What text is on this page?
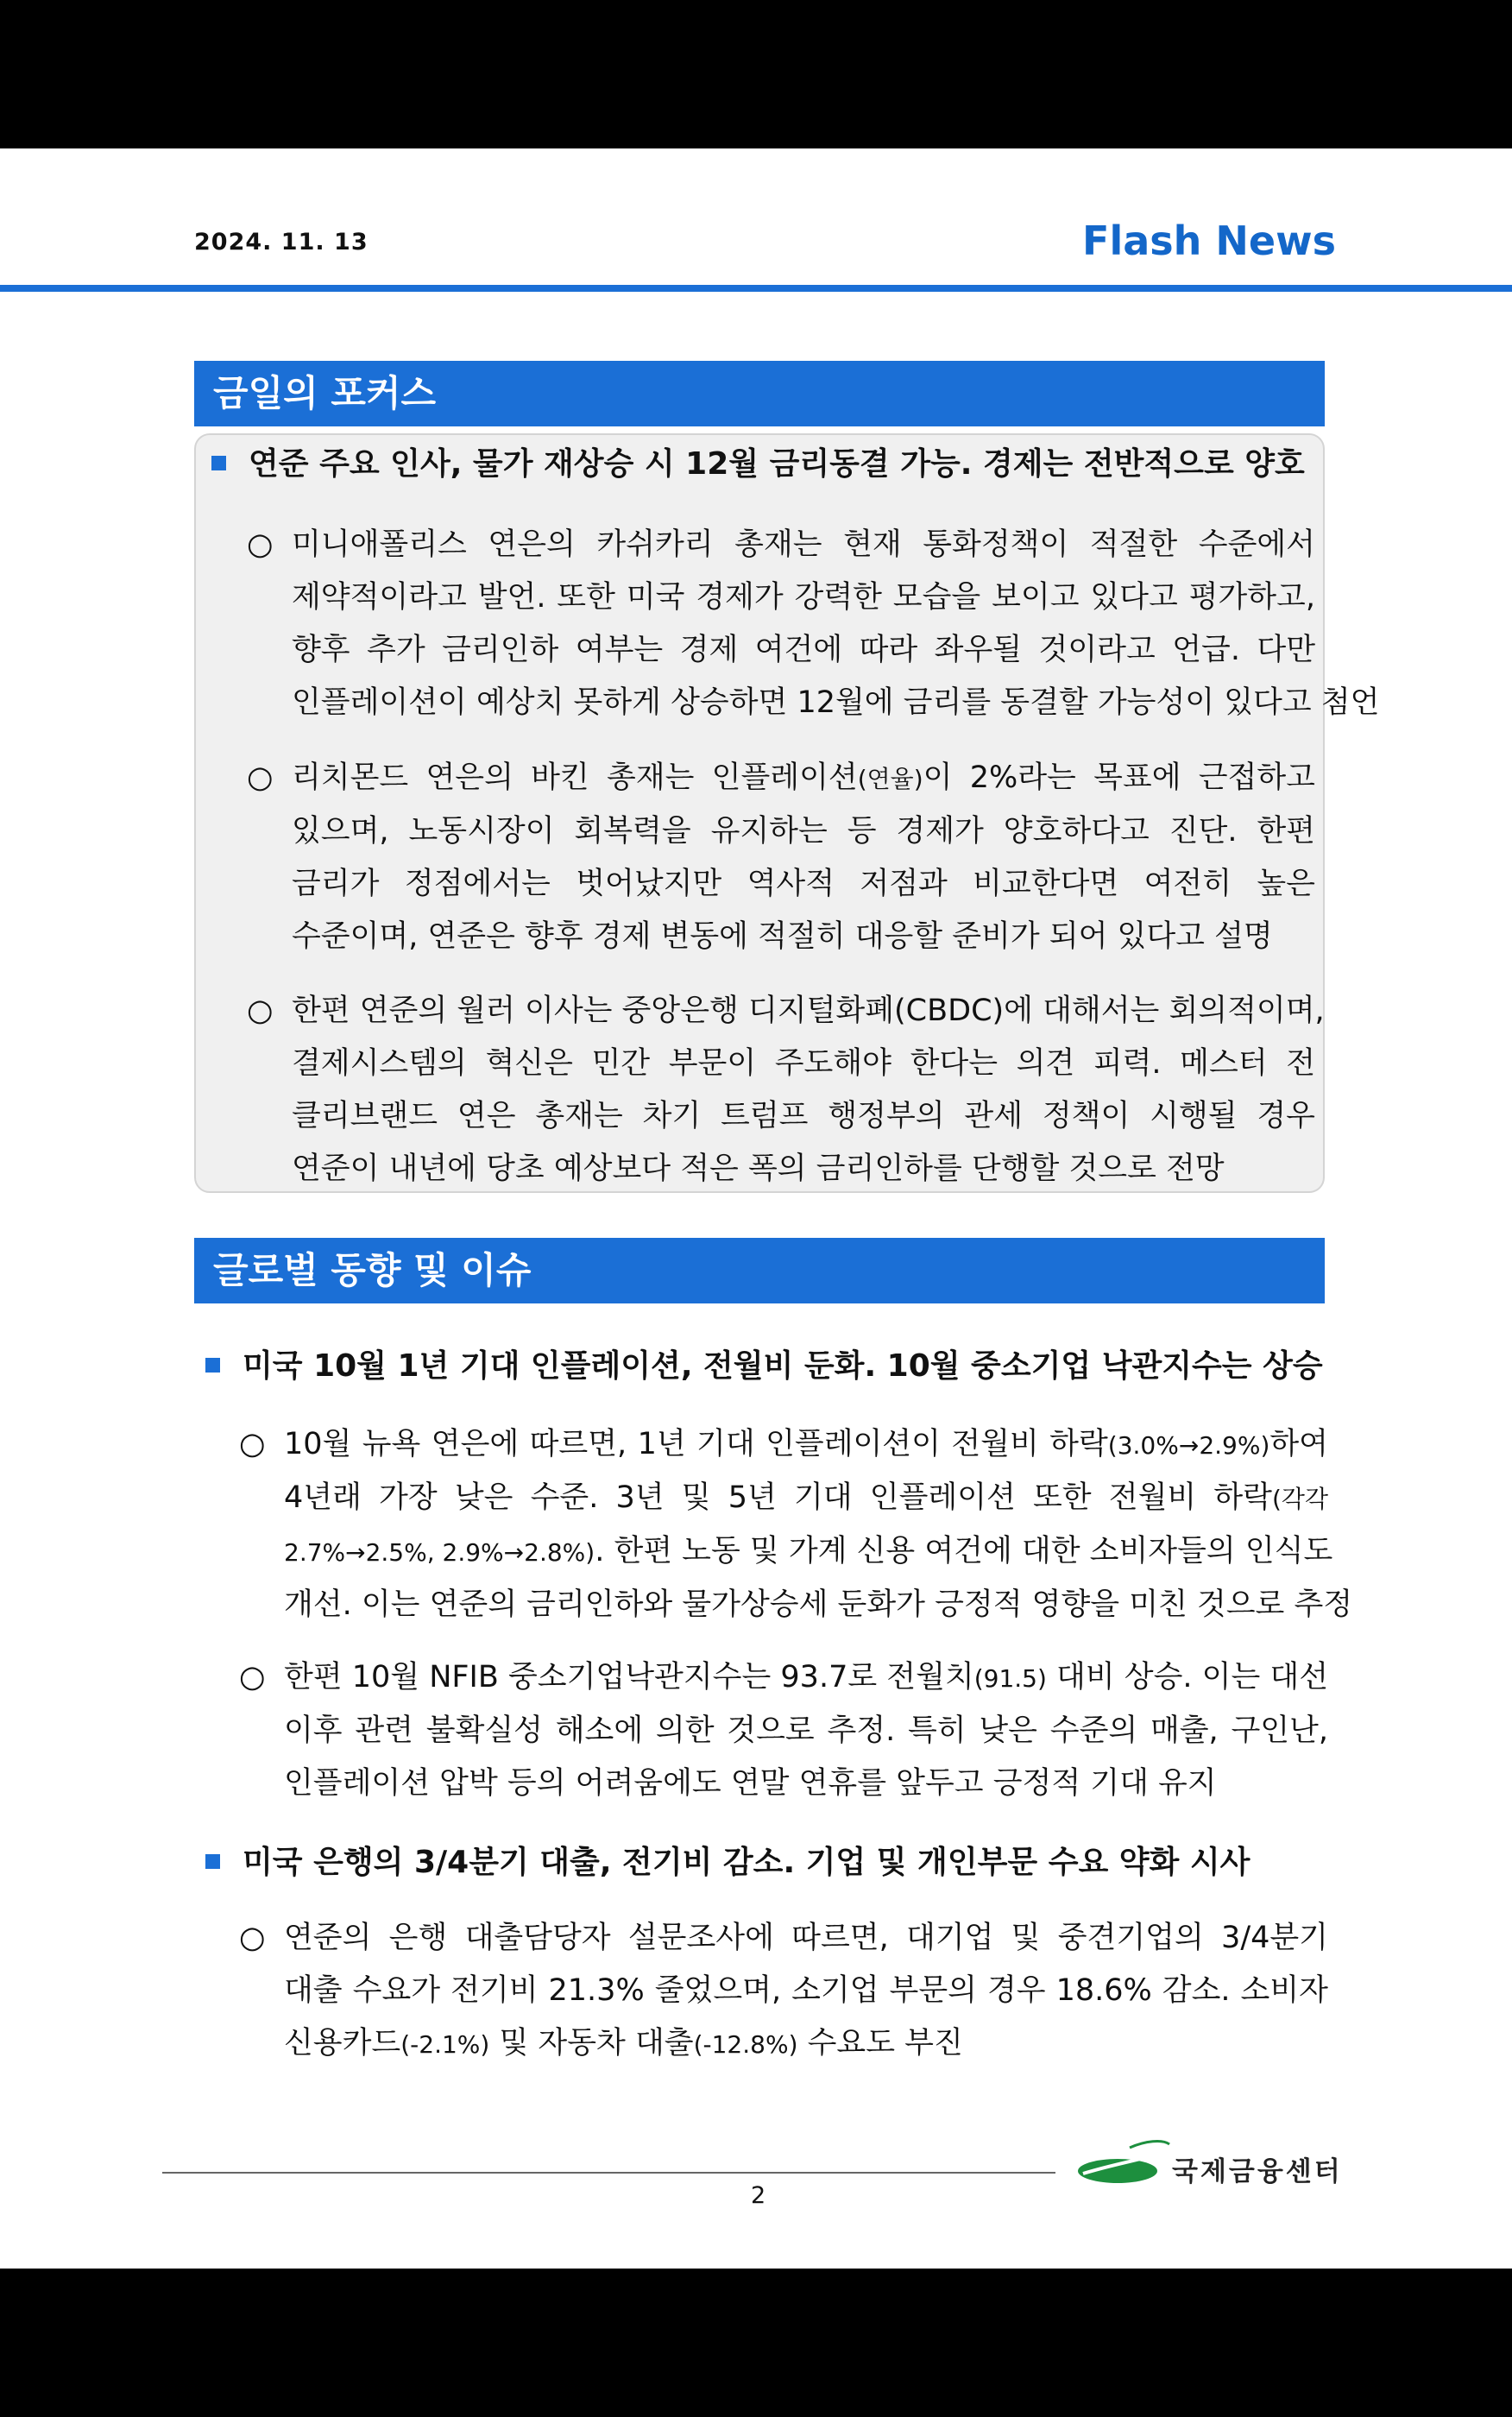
2024. 11. 13	Flash News
금일의 포커스
연준 주요 인사, 물가 재상승 시 12월 금리동결 가능. 경제는 전반적으로 양호
○ 미니애폴리스 연은의 카쉬카리 총재는 현재 통화정책이 적절한 수준에서
제약적이라고 발언. 또한 미국 경제가 강력한 모습을 보이고 있다고 평가하고,
향후 추가 금리인하 여부는 경제 여건에 따라 좌우될 것이라고 언급. 다만
인플레이션이 예상치 못하게 상승하면 12월에 금리를 동결할 가능성이 있다고 첨언
○ 리치몬드 연은의 바킨 총재는 인플레이션(연율)이 2%라는 목표에 근접하고
있으며, 노동시장이 회복력을 유지하는 등 경제가 양호하다고 진단. 한편
금리가 정점에서는 벗어났지만 역사적 저점과 비교한다면 여전히 높은
수준이며, 연준은 향후 경제 변동에 적절히 대응할 준비가 되어 있다고 설명
○ 한편 연준의 월러 이사는 중앙은행 디지털화폐(CBDC)에 대해서는 회의적이며,
결제시스템의 혁신은 민간 부문이 주도해야 한다는 의견 피력. 메스터 전
클리브랜드 연은 총재는 차기 트럼프 행정부의 관세 정책이 시행될 경우
연준이 내년에 당초 예상보다 적은 폭의 금리인하를 단행할 것으로 전망
글로벌 동향 및 이슈
미국 10월 1년 기대 인플레이션, 전월비 둔화. 10월 중소기업 낙관지수는 상승
○ 10월 뉴욕 연은에 따르면, 1년 기대 인플레이션이 전월비 하락(3.0%→2.9%)하여
4년래 가장 낮은 수준. 3년 및 5년 기대 인플레이션 또한 전월비 하락(각각
2.7%→2.5%, 2.9%→2.8%). 한편 노동 및 가계 신용 여건에 대한 소비자들의 인식도
개선. 이는 연준의 금리인하와 물가상승세 둔화가 긍정적 영향을 미친 것으로 추정
○ 한편 10월 NFIB 중소기업낙관지수는 93.7로 전월치(91.5) 대비 상승. 이는 대선
이후 관련 불확실성 해소에 의한 것으로 추정. 특히 낮은 수준의 매출, 구인난,
인플레이션 압박 등의 어려움에도 연말 연휴를 앞두고 긍정적 기대 유지
미국 은행의 3/4분기 대출, 전기비 감소. 기업 및 개인부문 수요 약화 시사
○ 연준의 은행 대출담당자 설문조사에 따르면, 대기업 및 중견기업의 3/4분기
대출 수요가 전기비 21.3% 줄었으며, 소기업 부문의 경우 18.6% 감소. 소비자
신용카드(-2.1%) 및 자동차 대출(-12.8%) 수요도 부진
2
국제금융센터
